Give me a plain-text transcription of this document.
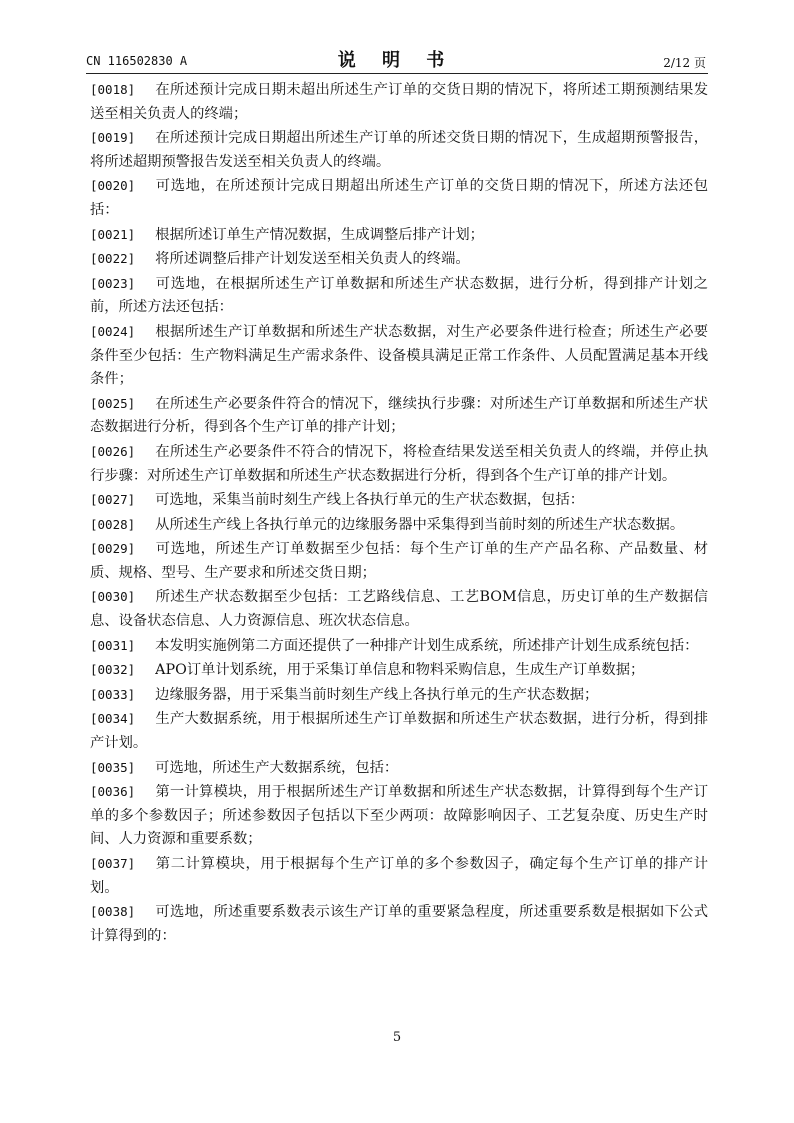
CN 116502830 A	说 明 书	2/12 页

[0018] 在所述预计完成日期未超出所述生产订单的交货日期的情况下，将所述工期预测结果发送至相关负责人的终端；

[0019] 在所述预计完成日期超出所述生产订单的所述交货日期的情况下，生成超期预警报告，将所述超期预警报告发送至相关负责人的终端。

[0020] 可选地，在所述预计完成日期超出所述生产订单的交货日期的情况下，所述方法还包括：

[0021] 根据所述订单生产情况数据，生成调整后排产计划；

[0022] 将所述调整后排产计划发送至相关负责人的终端。

[0023] 可选地，在根据所述生产订单数据和所述生产状态数据，进行分析，得到排产计划之前，所述方法还包括：

[0024] 根据所述生产订单数据和所述生产状态数据，对生产必要条件进行检查；所述生产必要条件至少包括：生产物料满足生产需求条件、设备模具满足正常工作条件、人员配置满足基本开线条件；

[0025] 在所述生产必要条件符合的情况下，继续执行步骤：对所述生产订单数据和所述生产状态数据进行分析，得到各个生产订单的排产计划；

[0026] 在所述生产必要条件不符合的情况下，将检查结果发送至相关负责人的终端，并停止执行步骤：对所述生产订单数据和所述生产状态数据进行分析，得到各个生产订单的排产计划。

[0027] 可选地，采集当前时刻生产线上各执行单元的生产状态数据，包括：

[0028] 从所述生产线上各执行单元的边缘服务器中采集得到当前时刻的所述生产状态数据。

[0029] 可选地，所述生产订单数据至少包括：每个生产订单的生产产品名称、产品数量、材质、规格、型号、生产要求和所述交货日期；

[0030] 所述生产状态数据至少包括：工艺路线信息、工艺BOM信息，历史订单的生产数据信息、设备状态信息、人力资源信息、班次状态信息。

[0031] 本发明实施例第二方面还提供了一种排产计划生成系统，所述排产计划生成系统包括：

[0032] APO订单计划系统，用于采集订单信息和物料采购信息，生成生产订单数据；

[0033] 边缘服务器，用于采集当前时刻生产线上各执行单元的生产状态数据；

[0034] 生产大数据系统，用于根据所述生产订单数据和所述生产状态数据，进行分析，得到排产计划。

[0035] 可选地，所述生产大数据系统，包括：

[0036] 第一计算模块，用于根据所述生产订单数据和所述生产状态数据，计算得到每个生产订单的多个参数因子；所述参数因子包括以下至少两项：故障影响因子、工艺复杂度、历史生产时间、人力资源和重要系数；

[0037] 第二计算模块，用于根据每个生产订单的多个参数因子，确定每个生产订单的排产计划。

[0038] 可选地，所述重要系数表示该生产订单的重要紧急程度，所述重要系数是根据如下公式计算得到的：

5
